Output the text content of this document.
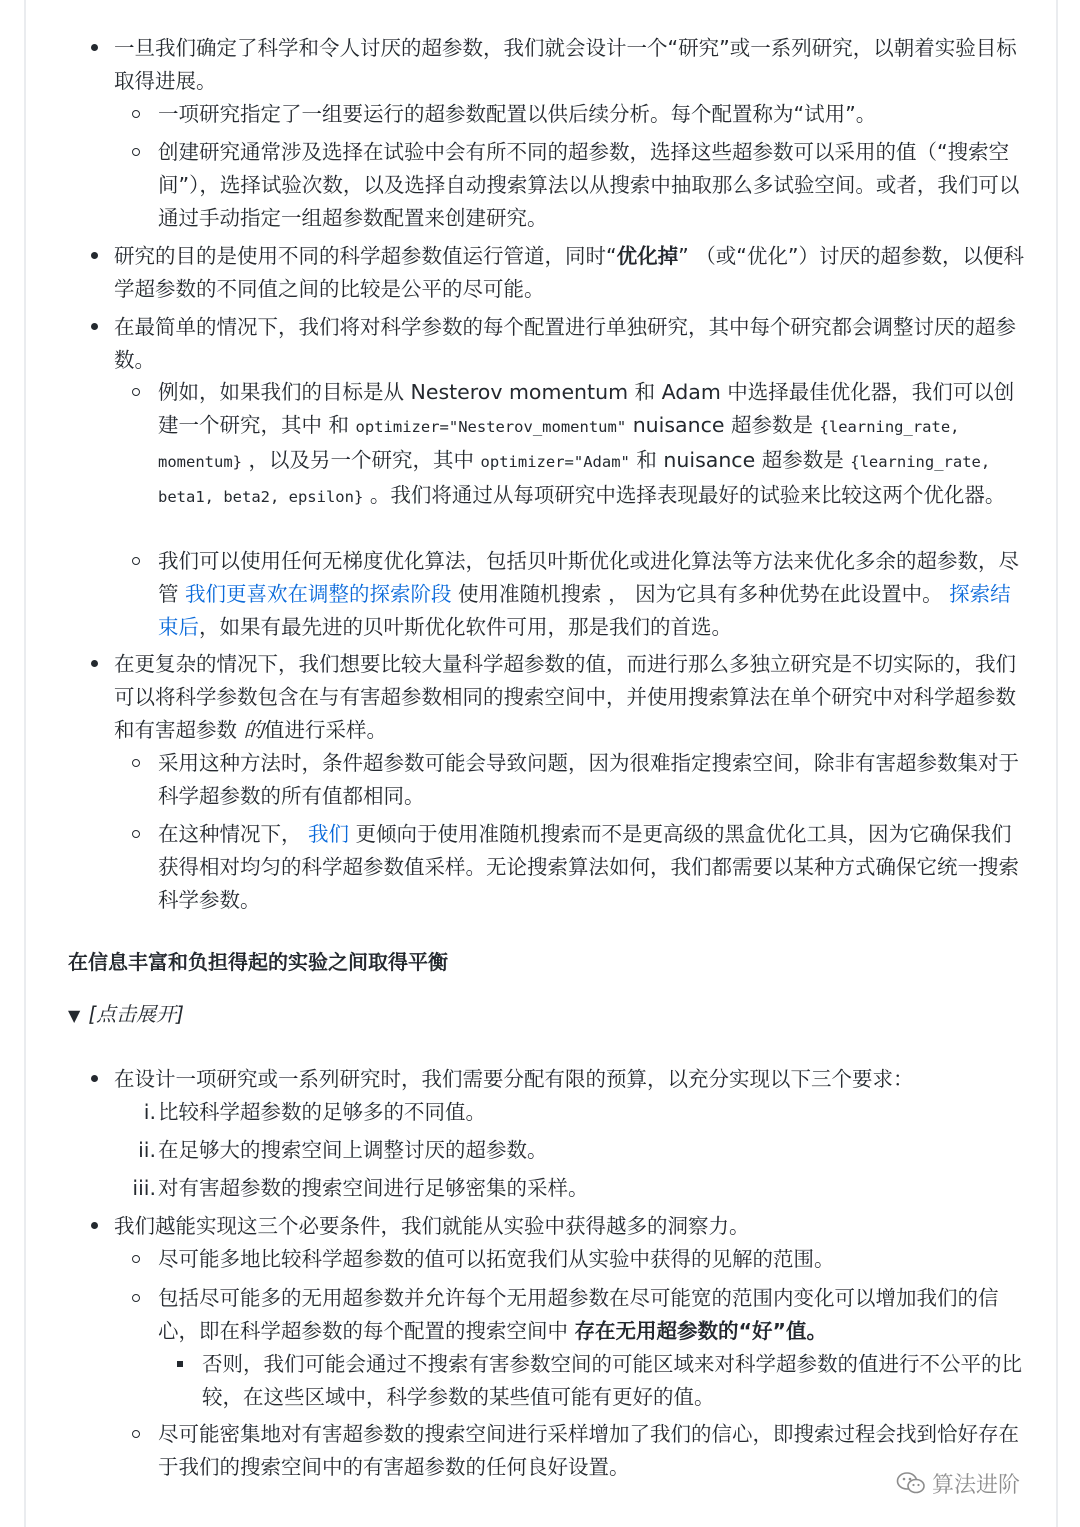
一旦我们确定了科学和令人讨厌的超参数，我们就会设计一个“研究”或一系列研究，以朝着实验目标取得进展。
一项研究指定了一组要运行的超参数配置以供后续分析。每个配置称为“试用”。
创建研究通常涉及选择在试验中会有所不同的超参数，选择这些超参数可以采用的值（“搜索空间”），选择试验次数，以及选择自动搜索算法以从搜索中抽取那么多试验空间。或者，我们可以通过手动指定一组超参数配置来创建研究。
研究的目的是使用不同的科学超参数值运行管道，同时“优化掉” （或“优化”）讨厌的超参数，以便科学超参数的不同值之间的比较是公平的尽可能。
在最简单的情况下，我们将对科学参数的每个配置进行单独研究，其中每个研究都会调整讨厌的超参数。
例如，如果我们的目标是从 Nesterov momentum 和 Adam 中选择最佳优化器，我们可以创建一个研究，其中 和 optimizer="Nesterov_momentum" nuisance 超参数是 {learning_rate, momentum} ，以及另一个研究，其中 optimizer="Adam" 和 nuisance 超参数是 {learning_rate, beta1, beta2, epsilon} 。我们将通过从每项研究中选择表现最好的试验来比较这两个优化器。
我们可以使用任何无梯度优化算法，包括贝叶斯优化或进化算法等方法来优化多余的超参数，尽管 我们更喜欢在调整的探索阶段 使用准随机搜索 ， 因为它具有多种优势在此设置中。 探索结束后，如果有最先进的贝叶斯优化软件可用，那是我们的首选。
在更复杂的情况下，我们想要比较大量科学超参数的值，而进行那么多独立研究是不切实际的，我们可以将科学参数包含在与有害超参数相同的搜索空间中，并使用搜索算法在单个研究中对科学超参数和有害超参数 的值进行采样。
采用这种方法时，条件超参数可能会导致问题，因为很难指定搜索空间，除非有害超参数集对于科学超参数的所有值都相同。
在这种情况下， 我们 更倾向于使用准随机搜索而不是更高级的黑盒优化工具，因为它确保我们获得相对均匀的科学超参数值采样。无论搜索算法如何，我们都需要以某种方式确保它统一搜索科学参数。
在信息丰富和负担得起的实验之间取得平衡
▼ [点击展开]
在设计一项研究或一系列研究时，我们需要分配有限的预算，以充分实现以下三个要求：
i. 比较科学超参数的足够多的不同值。
ii. 在足够大的搜索空间上调整讨厌的超参数。
iii. 对有害超参数的搜索空间进行足够密集的采样。
我们越能实现这三个必要条件，我们就能从实验中获得越多的洞察力。
尽可能多地比较科学超参数的值可以拓宽我们从实验中获得的见解的范围。
包括尽可能多的无用超参数并允许每个无用超参数在尽可能宽的范围内变化可以增加我们的信心，即在科学超参数的每个配置的搜索空间中 存在无用超参数的“好”值。
否则，我们可能会通过不搜索有害参数空间的可能区域来对科学超参数的值进行不公平的比较，在这些区域中，科学参数的某些值可能有更好的值。
尽可能密集地对有害超参数的搜索空间进行采样增加了我们的信心，即搜索过程会找到恰好存在于我们的搜索空间中的有害超参数的任何良好设置。
算法进阶
